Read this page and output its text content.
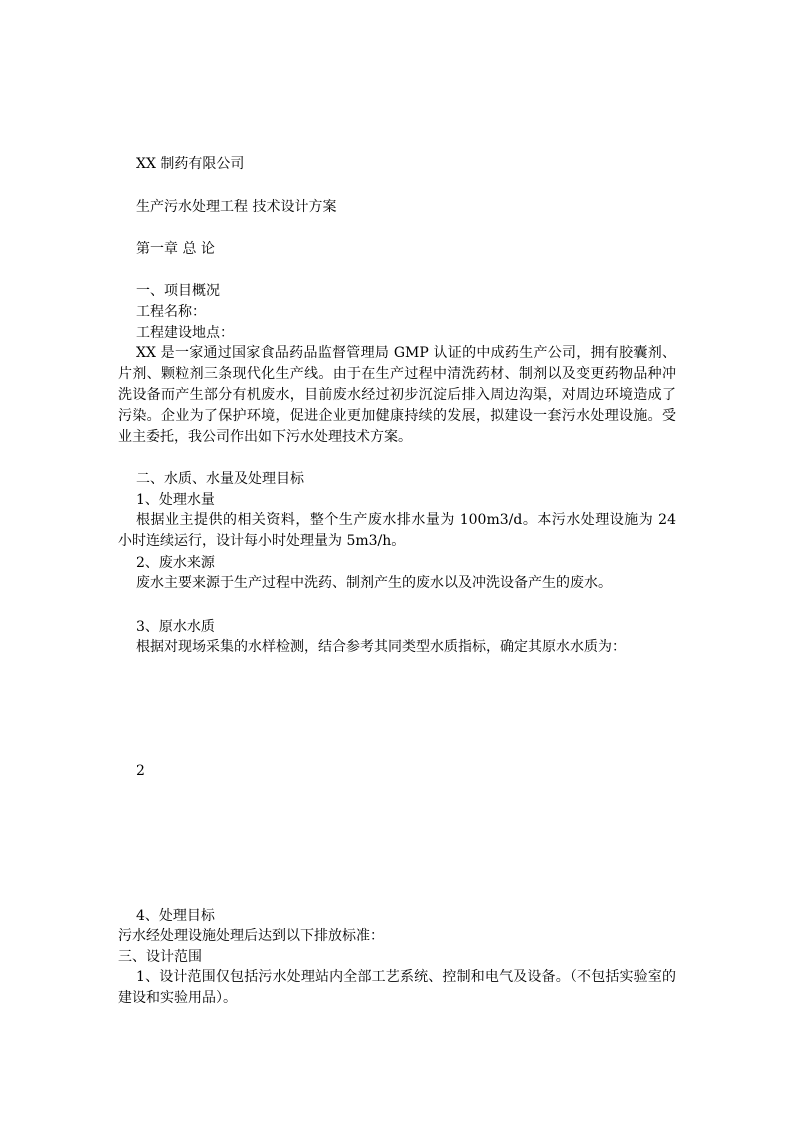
XX 制药有限公司
生产污水处理工程 技术设计方案
第一章 总 论
一、项目概况
工程名称：
工程建设地点：
XX 是一家通过国家食品药品监督管理局 GMP 认证的中成药生产公司，拥有胶囊剂、片剂、颗粒剂三条现代化生产线。由于在生产过程中清洗药材、制剂以及变更药物品种冲洗设备而产生部分有机废水，目前废水经过初步沉淀后排入周边沟渠，对周边环境造成了污染。企业为了保护环境，促进企业更加健康持续的发展，拟建设一套污水处理设施。受业主委托，我公司作出如下污水处理技术方案。
二、水质、水量及处理目标
1、处理水量
根据业主提供的相关资料，整个生产废水排水量为 100m3/d。本污水处理设施为 24 小时连续运行，设计每小时处理量为 5m3/h。
2、废水来源
废水主要来源于生产过程中洗药、制剂产生的废水以及冲洗设备产生的废水。
3、原水水质
根据对现场采集的水样检测，结合参考其同类型水质指标，确定其原水水质为：
2
4、处理目标
污水经处理设施处理后达到以下排放标准：
三、设计范围
1、设计范围仅包括污水处理站内全部工艺系统、控制和电气及设备。（不包括实验室的建设和实验用品）。
